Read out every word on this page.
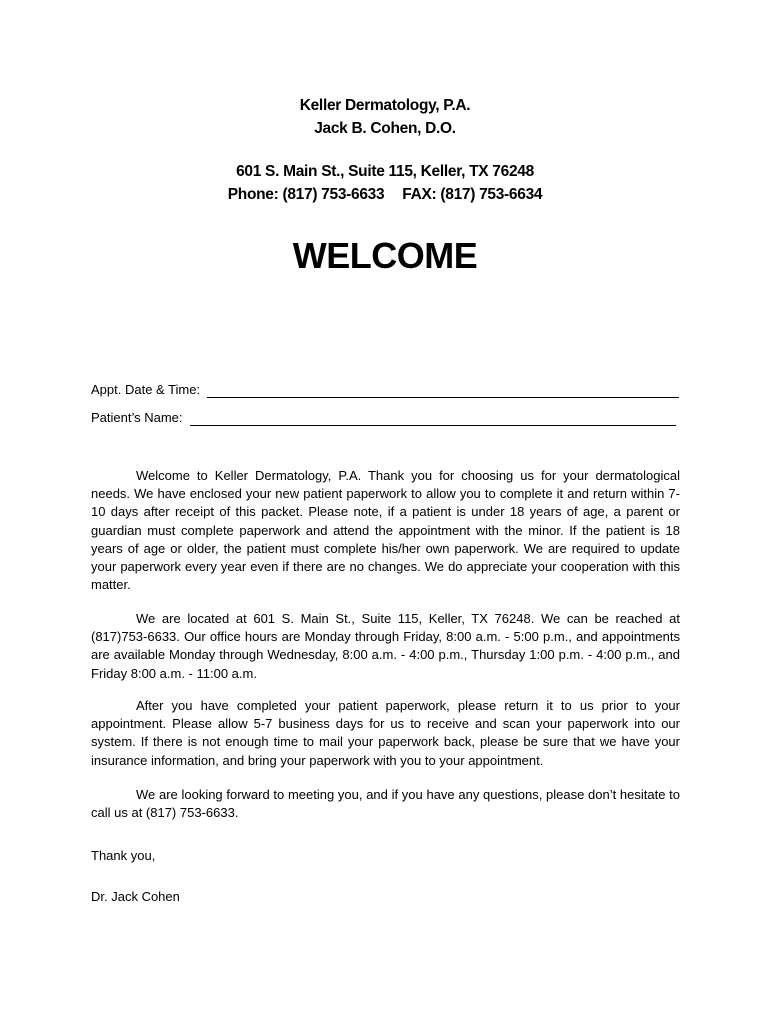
Keller Dermatology, P.A.
Jack B. Cohen, D.O.
601 S. Main St., Suite 115, Keller, TX 76248
Phone: (817) 753-6633 FAX: (817) 753-6634
WELCOME
Appt. Date & Time:
Patient’s Name:

Welcome to Keller Dermatology, P.A. Thank you for choosing us for your dermatological needs. We have enclosed your new patient paperwork to allow you to complete it and return within 7-10 days after receipt of this packet. Please note, if a patient is under 18 years of age, a parent or guardian must complete paperwork and attend the appointment with the minor. If the patient is 18 years of age or older, the patient must complete his/her own paperwork. We are required to update your paperwork every year even if there are no changes. We do appreciate your cooperation with this matter.

We are located at 601 S. Main St., Suite 115, Keller, TX 76248. We can be reached at (817)753-6633. Our office hours are Monday through Friday, 8:00 a.m. - 5:00 p.m., and appointments are available Monday through Wednesday, 8:00 a.m. - 4:00 p.m., Thursday 1:00 p.m. - 4:00 p.m., and Friday 8:00 a.m. - 11:00 a.m.

After you have completed your patient paperwork, please return it to us prior to your appointment. Please allow 5-7 business days for us to receive and scan your paperwork into our system. If there is not enough time to mail your paperwork back, please be sure that we have your insurance information, and bring your paperwork with you to your appointment.

We are looking forward to meeting you, and if you have any questions, please don’t hesitate to call us at (817) 753-6633.

Thank you,
Dr. Jack Cohen
